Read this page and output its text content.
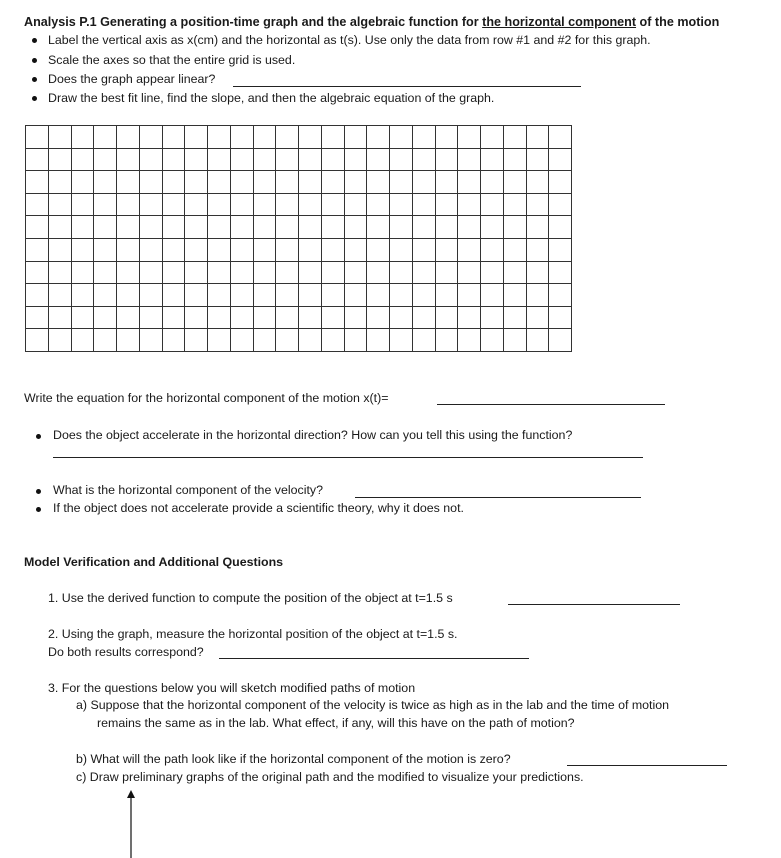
Analysis P.1 Generating a position-time graph and the algebraic function for the horizontal component of the motion
Label the vertical axis as x(cm) and the horizontal as t(s). Use only the data from row #1 and #2 for this graph.
Scale the axes so that the entire grid is used.
Does the graph appear linear?
Draw the best fit line, find the slope, and then the algebraic equation of the graph.
Write the equation for the horizontal component of the motion x(t)=
Does the object accelerate in the horizontal direction? How can you tell this using the function?
What is the horizontal component of the velocity?
If the object does not accelerate provide a scientific theory, why it does not.
Model Verification and Additional Questions
1. Use the derived function to compute the position of the object at t=1.5 s
2. Using the graph, measure the horizontal position of the object at t=1.5 s.
Do both results correspond?
3. For the questions below you will sketch modified paths of motion
a) Suppose that the horizontal component of the velocity is twice as high as in the lab and the time of motion
remains the same as in the lab. What effect, if any, will this have on the path of motion?
b) What will the path look like if the horizontal component of the motion is zero?
c) Draw preliminary graphs of the original path and the modified to visualize your predictions.
